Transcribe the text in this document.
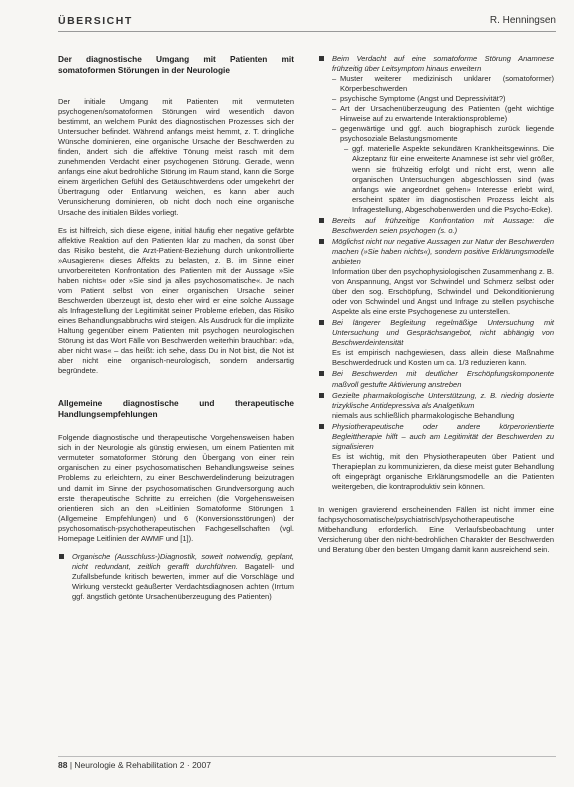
ÜBERSICHT	R. Henningsen
Der diagnostische Umgang mit Patienten mit somatoformen Störungen in der Neurologie

Der initiale Umgang mit Patienten mit vermuteten psychogenen/somatoformen Störungen wird wesentlich davon bestimmt, an welchem Punkt des diagnostischen Prozesses sich der Untersucher befindet. Während anfangs meist hemmt, z. T. dringliche Wünsche dominieren, eine organische Ursache der Beschwerden zu finden, ändert sich die affektive Tönung meist rasch mit dem zunehmenden Verdacht einer psychogenen Störung. Gerade, wenn anfangs eine akut bedrohliche Störung im Raum stand, kann die Sorge einem ärgerlichen Gefühl des Getäuschtwerdens oder umgekehrt der Übertragung oder Entlarvung weichen, es kann aber auch Verunsicherung dominieren, ob nicht doch noch eine organische Ursache des initialen Bildes vorliegt.

Es ist hilfreich, sich diese eigene, initial häufig eher negative gefärbte affektive Reaktion auf den Patienten klar zu machen, da sonst über das Risiko besteht, die Arzt-Patient-Beziehung durch unkontrollierte »Ausagieren« dieses Affekts zu belasten, z. B. im Sinne einer unvorbereiteten Konfrontation des Patienten mit der Aussage »Sie haben nichts« oder »Sie sind ja alles psychosomatische«. Je nach vom Patient selbst von einer organischen Ursache seiner Beschwerden überzeugt ist, desto eher wird er eine solche Aussage als Infragestellung der Legitimität seiner Probleme erleben, das Risiko eines Behandlungsabbruchs wird steigen. Als Ausdruck für die implizite Haltung gegenüber einem Patienten mit psychogen neurologischen Störung ist das Wort Fälle von Beschwerden weiterhin brauchbar: »da, aber nicht was« – das heißt: ich sehe, dass Du in Not bist, die Not ist aber nicht eine organisch-neurologisch, sondern andersartig begründete.

Allgemeine diagnostische und therapeutische Handlungsempfehlungen

Folgende diagnostische und therapeutische Vorgehensweisen haben sich in der Neurologie als günstig erwiesen, um einem Patienten mit vermuteter somatoformer Störung den Übergang von einer rein organischen zu einer psychosomatischen Behandlungsweise seines Problems zu erleichtern, zu einer Beschwerdelinderung beizutragen und damit im Sinne der psychosomatischen Grundversorgung auch erste therapeutische Schritte zu erreichen (die Vorgehensweisen orientieren sich an den »Leitlinien Somatoforme Störungen 1 (Allgemeine Empfehlungen) und 6 (Konversionsstörungen) der psychosomatisch-psychotherapeutischen Fachgesellschaften (vgl. Homepage Leitlinien der AWMF und [1]).

Organische (Ausschluss-)Diagnostik, soweit notwendig, geplant, nicht redundant, zeitlich gerafft durchführen. Bagatell- und Zufallsbefunde kritisch bewerten, immer auf die Vorschläge und Wirkung versteckt geäußerter Verdachtsdiagnosen achten (Irrtum ggf. ängstlich getönte Ursachenüberzeugung des Patienten)
Beim Verdacht auf eine somatoforme Störung Anamnese frühzeitig über Leitsymptom hinaus erweitern
– Muster weiterer medizinisch unklarer (somatoformer) Körperbeschwerden
– psychische Symptome (Angst und Depressivität?)
– Art der Ursachenüberzeugung des Patienten (geht wichtige Hinweise auf zu erwartende Interaktionsprobleme)
– gegenwärtige und ggf. auch biographisch zurück liegende psychosoziale Belastungsmomente
– ggf. materielle Aspekte sekundären Krankheitsgewinns. Die Akzeptanz für eine erweiterte Anamnese ist sehr viel größer, wenn sie frühzeitig erfolgt und nicht erst, wenn alle organischen Untersuchungen abgeschlossen sind (was anfangs wie angeordnet gehen» Interesse erlebt wird, erscheint später im diagnostischen Prozess leicht als Infragestellung, Abgeschobenwerden und die Psycho-Ecke).
Bereits auf frühzeitige Konfrontation mit Aussage: die Beschwerden seien psychogen (s. o.)
Möglichst nicht nur negative Aussagen zur Natur der Beschwerden machen (»Sie haben nichts«), sondern positive Erklärungsmodelle anbieten
Information über den psychophysiologischen Zusammenhang z. B. von Anspannung, Angst vor Schwindel und Schmerz selbst oder über den sog. Erschöpfung, Schwindel und Dekonditionierung oder von Schwindel und Angst und Infrage zu stellen psychische Aspekte als eine erste Psychogenese zu unterstellen.
Bei längerer Begleitung regelmäßige Untersuchung mit Untersuchung und Gesprächsangebot, nicht abhängig von Beschwerdeintensität
Es ist empirisch nachgewiesen, dass allein diese Maßnahme Beschwerdedruck und Kosten um ca. 1/3 reduzieren kann.
Bei Beschwerden mit deutlicher Erschöpfungskomponente maßvoll gestufte Aktivierung anstreben
Gezielte pharmakologische Unterstützung, z. B. niedrig dosierte trizyklische Antidepressiva als Analgetikum
niemals aus schließlich pharmakologische Behandlung
Physiotherapeutische oder andere körperorientierte Begleittherapie hilft – auch am Legitimität der Beschwerden zu signalisieren
Es ist wichtig, mit den Physiotherapeuten über Patient und Therapieplan zu kommunizieren, da diese meist guter Behandlung oft eingeprägt organische Erklärungsmodelle an die Patienten weitergeben, die kontraproduktiv sein können.

In wenigen gravierend erscheinenden Fällen ist nicht immer eine fachpsychosomatische/psychiatrisch/psychotherapeutische Mitbehandlung erforderlich. Eine Verlaufsbeobachtung unter Versicherung über den nicht-bedrohlichen Charakter der Beschwerden und Beratung über den besten Umgang damit kann ausreichend sein.

88 | Neurologie & Rehabilitation 2 · 2007
